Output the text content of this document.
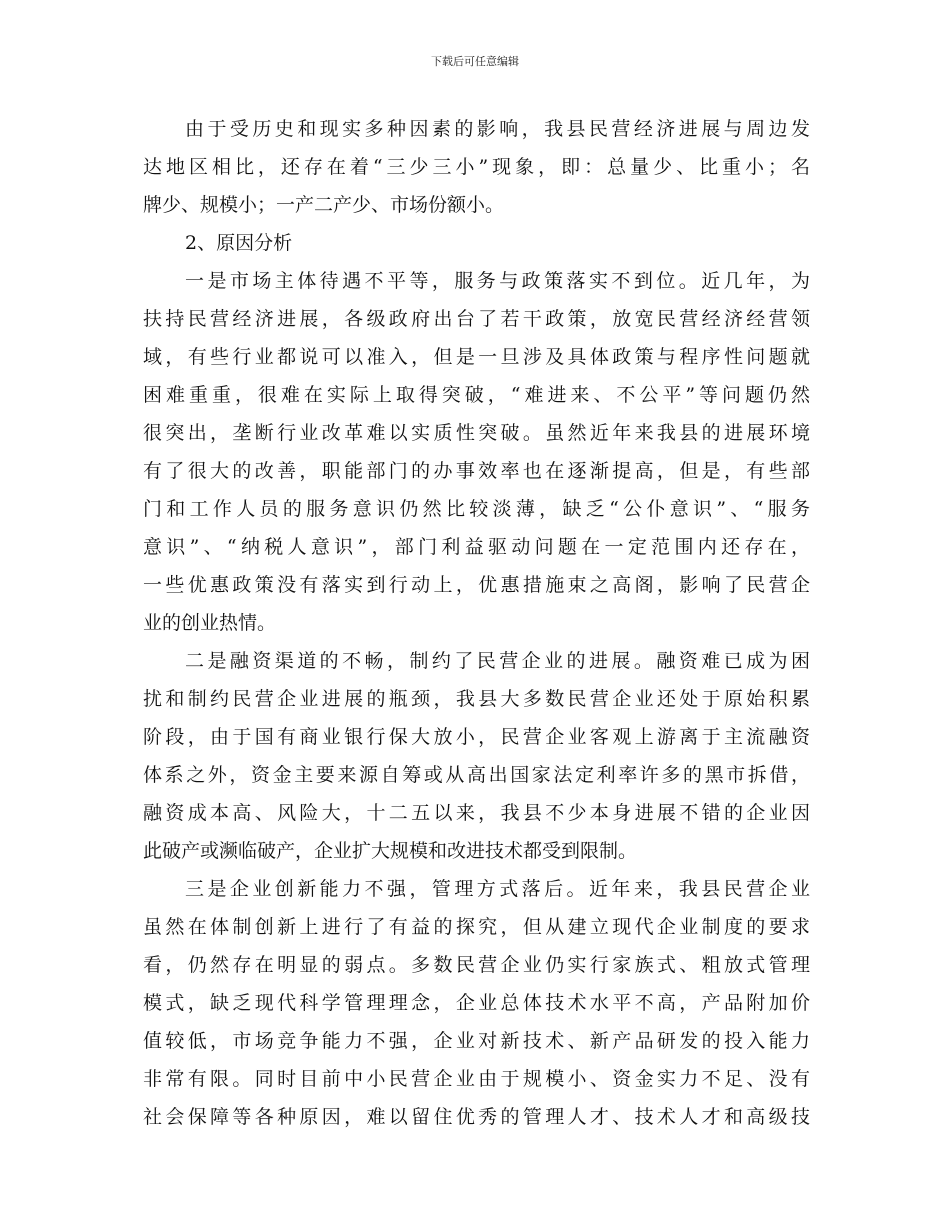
下载后可任意编辑
由于受历史和现实多种因素的影响，我县民营经济进展与周边发
达地区相比，还存在着“三少三小”现象，即：总量少、比重小；名
牌少、规模小；一产二产少、市场份额小。
2、原因分析
一是市场主体待遇不平等，服务与政策落实不到位。近几年，为
扶持民营经济进展，各级政府出台了若干政策，放宽民营经济经营领
域，有些行业都说可以准入，但是一旦涉及具体政策与程序性问题就
困难重重，很难在实际上取得突破，“难进来、不公平”等问题仍然
很突出，垄断行业改革难以实质性突破。虽然近年来我县的进展环境
有了很大的改善，职能部门的办事效率也在逐渐提高，但是，有些部
门和工作人员的服务意识仍然比较淡薄，缺乏“公仆意识”、“服务
意识”、“纳税人意识”，部门利益驱动问题在一定范围内还存在，
一些优惠政策没有落实到行动上，优惠措施束之高阁，影响了民营企
业的创业热情。
二是融资渠道的不畅，制约了民营企业的进展。融资难已成为困
扰和制约民营企业进展的瓶颈，我县大多数民营企业还处于原始积累
阶段，由于国有商业银行保大放小，民营企业客观上游离于主流融资
体系之外，资金主要来源自筹或从高出国家法定利率许多的黑市拆借，
融资成本高、风险大，十二五以来，我县不少本身进展不错的企业因
此破产或濒临破产，企业扩大规模和改进技术都受到限制。
三是企业创新能力不强，管理方式落后。近年来，我县民营企业
虽然在体制创新上进行了有益的探究，但从建立现代企业制度的要求
看，仍然存在明显的弱点。多数民营企业仍实行家族式、粗放式管理
模式，缺乏现代科学管理理念，企业总体技术水平不高，产品附加价
值较低，市场竞争能力不强，企业对新技术、新产品研发的投入能力
非常有限。同时目前中小民营企业由于规模小、资金实力不足、没有
社会保障等各种原因，难以留住优秀的管理人才、技术人才和高级技
